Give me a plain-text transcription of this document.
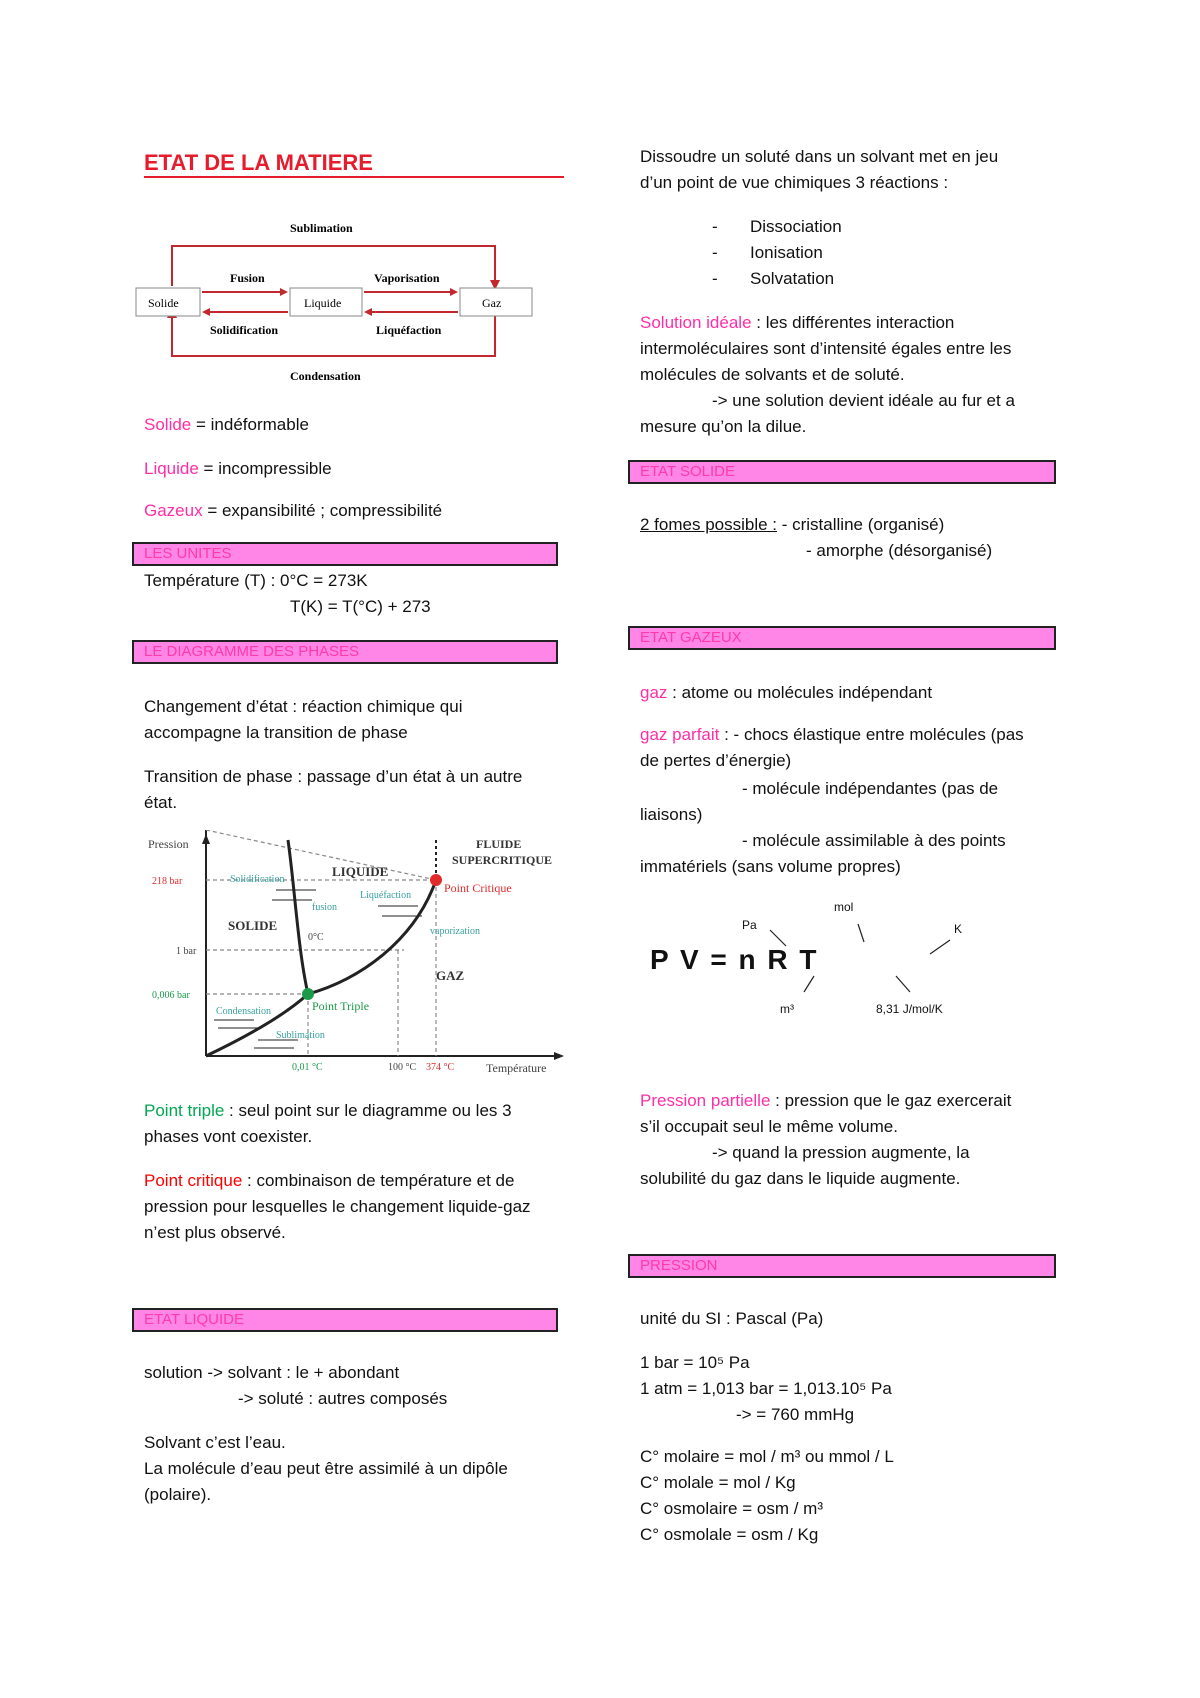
ETAT DE LA MATIERE
Sublimation
Condensation
Solide	Liquide	Gaz
Fusion
Solidification
Vaporisation
Liquéfaction
Solide = indéformable
Liquide = incompressible
Gazeux = expansibilité ; compressibilité
LES UNITES
Température (T) : 0°C = 273K
T(K) = T(°C) + 273
LE DIAGRAMME DES PHASES
Changement d’état : réaction chimique qui
accompagne la transition de phase
Transition de phase : passage d’un état à un autre
état.
Pression
Température
218 bar
1 bar
0,006 bar
0,01 °C	100 °C 374 °C
0°C
SOLIDE
LIQUIDE
GAZ
FLUIDE
SUPERCRITIQUE
Solidification
fusion
Liquéfaction
vaporization
Condensation
Sublimation
Point Triple
Point Critique
Point triple : seul point sur le diagramme ou les 3
phases vont coexister.
Point critique : combinaison de température et de
pression pour lesquelles le changement liquide-gaz
n’est plus observé.
ETAT LIQUIDE
solution -> solvant : le + abondant
-> soluté : autres composés
Solvant c’est l’eau.
La molécule d’eau peut être assimilé à un dipôle
(polaire).
Dissoudre un soluté dans un solvant met en jeu
d’un point de vue chimiques 3 réactions :
- Dissociation
- Ionisation
- Solvatation
Solution idéale : les différentes interaction
intermoléculaires sont d’intensité égales entre les
molécules de solvants et de soluté.
-> une solution devient idéale au fur et a
mesure qu’on la dilue.
ETAT SOLIDE
2 fomes possible : - cristalline (organisé)
- amorphe (désorganisé)
ETAT GAZEUX
gaz : atome ou molécules indépendant
gaz parfait : - chocs élastique entre molécules (pas
de pertes d’énergie)
- molécule indépendantes (pas de
liaisons)
- molécule assimilable à des points
immatériels (sans volume propres)
P V = n R T
Pa
mol
K
m³	8,31 J/mol/K
Pression partielle : pression que le gaz exercerait
s’il occupait seul le même volume.
-> quand la pression augmente, la
solubilité du gaz dans le liquide augmente.
PRESSION
unité du SI : Pascal (Pa)
1 bar = 10⁵ Pa
1 atm = 1,013 bar = 1,013.10⁵ Pa
-> = 760 mmHg
C° molaire = mol / m³ ou mmol / L
C° molale = mol / Kg
C° osmolaire = osm / m³
C° osmolale = osm / Kg
